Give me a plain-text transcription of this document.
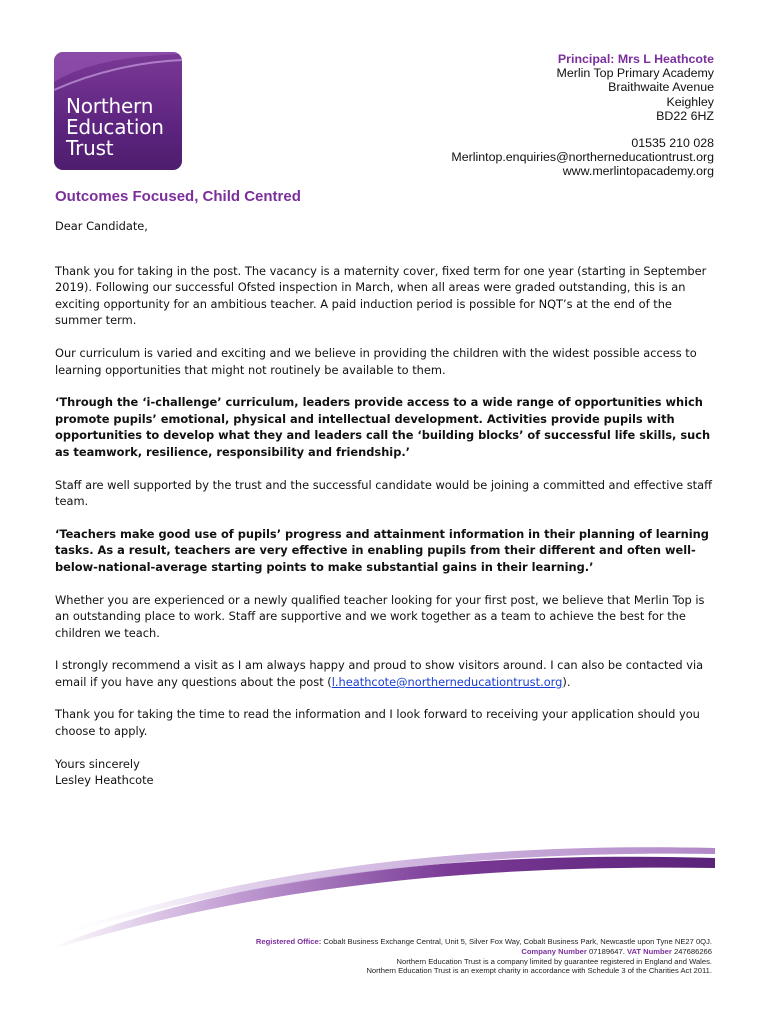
Northern
Education
Trust
Principal: Mrs L Heathcote
Merlin Top Primary Academy
Braithwaite Avenue
Keighley
BD22 6HZ
01535 210 028
Merlintop.enquiries@northerneducationtrust.org
www.merlintopacademy.org
Outcomes Focused, Child Centred

Dear Candidate,

Thank you for taking in the post. The vacancy is a maternity cover, fixed term for one year (starting in September 2019). Following our successful Ofsted inspection in March, when all areas were graded outstanding, this is an exciting opportunity for an ambitious teacher. A paid induction period is possible for NQT’s at the end of the summer term.

Our curriculum is varied and exciting and we believe in providing the children with the widest possible access to learning opportunities that might not routinely be available to them.

‘Through the ‘i-challenge’ curriculum, leaders provide access to a wide range of opportunities which promote pupils’ emotional, physical and intellectual development. Activities provide pupils with opportunities to develop what they and leaders call the ‘building blocks’ of successful life skills, such as teamwork, resilience, responsibility and friendship.’

Staff are well supported by the trust and the successful candidate would be joining a committed and effective staff team.

‘Teachers make good use of pupils’ progress and attainment information in their planning of learning tasks. As a result, teachers are very effective in enabling pupils from their different and often well-below-national-average starting points to make substantial gains in their learning.’

Whether you are experienced or a newly qualified teacher looking for your first post, we believe that Merlin Top is an outstanding place to work. Staff are supportive and we work together as a team to achieve the best for the children we teach.

I strongly recommend a visit as I am always happy and proud to show visitors around. I can also be contacted via email if you have any questions about the post (l.heathcote@northerneducationtrust.org).

Thank you for taking the time to read the information and I look forward to receiving your application should you choose to apply.

Yours sincerely
Lesley Heathcote
Registered Office: Cobalt Business Exchange Central, Unit 5, Silver Fox Way, Cobalt Business Park, Newcastle upon Tyne NE27 0QJ.
Company Number 07189647. VAT Number 247686266
Northern Education Trust is a company limited by guarantee registered in England and Wales.
Northern Education Trust is an exempt charity in accordance with Schedule 3 of the Charities Act 2011.
